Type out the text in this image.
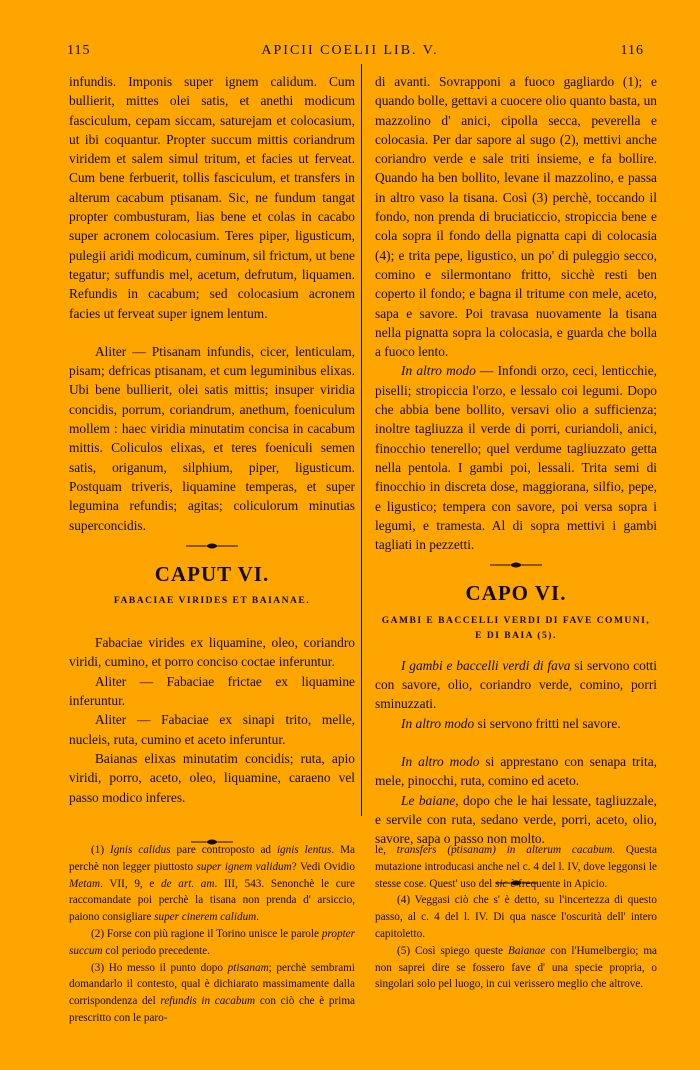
115	APICII COELII LIB. V.	116

infundis. Imponis super ignem calidum. Cum bullierit, mittes olei satis, et anethi modicum fasciculum, cepam siccam, saturejam et colocasium, ut ibi coquantur. Propter succum mittis coriandrum viridem et salem simul tritum, et facies ut ferveat. Cum bene ferbuerit, tollis fasciculum, et transfers in alterum cacabum ptisanam. Sic, ne fundum tangat propter combusturam, lias bene et colas in cacabo super acronem colocasium. Teres piper, ligusticum, pulegii aridi modicum, cuminum, sil frictum, ut bene tegatur; suffundis mel, acetum, defrutum, liquamen. Refundis in cacabum; sed colocasium acronem facies ut ferveat super ignem lentum.

Aliter — Ptisanam infundis, cicer, lenticulam, pisam; defricas ptisanam, et cum leguminibus elixas. Ubi bene bullierit, olei satis mittis; insuper viridia concidis, porrum, coriandrum, anethum, foeniculum mollem : haec viridia minutatim concisa in cacabum mittis. Coliculos elixas, et teres foeniculi semen satis, origanum, silphium, piper, ligusticum. Postquam triveris, liquamine temperas, et super legumina refundis; agitas; coliculorum minutias superconcidis.

CAPUT VI.
FABACIAE VIRIDES ET BAIANAE.

Fabaciae virides ex liquamine, oleo, coriandro viridi, cumino, et porro conciso coctae inferuntur.

Aliter — Fabaciae frictae ex liquamine inferuntur.

Aliter — Fabaciae ex sinapi trito, melle, nucleis, ruta, cumino et aceto inferuntur.

Baianas elixas minutatim concidis; ruta, apio viridi, porro, aceto, oleo, liquamine, caraeno vel passo modico inferes.

di avanti. Sovrapponi a fuoco gagliardo (1); e quando bolle, gettavi a cuocere olio quanto basta, un mazzolino d' anici, cipolla secca, peverella e colocasia. Per dar sapore al sugo (2), mettivi anche coriandro verde e sale triti insieme, e fa bollire. Quando ha ben bollito, levane il mazzolino, e passa in altro vaso la tisana. Così (3) perchè, toccando il fondo, non prenda di bruciaticcio, stropiccia bene e cola sopra il fondo della pignatta capi di colocasia (4); e trita pepe, ligustico, un po' di puleggio secco, comino e silermontano fritto, sicchè resti ben coperto il fondo; e bagna il tritume con mele, aceto, sapa e savore. Poi travasa nuovamente la tisana nella pignatta sopra la colocasia, e guarda che bolla a fuoco lento.

In altro modo — Infondi orzo, ceci, lenticchie, piselli; stropiccia l'orzo, e lessalo coi legumi. Dopo che abbia bene bollito, versavi olio a sufficienza; inoltre tagliuzza il verde di porri, curiandoli, anici, finocchio tenerello; quel verdume tagliuzzato getta nella pentola. I gambi poi, lessali. Trita semi di finocchio in discreta dose, maggiorana, silfio, pepe, e ligustico; tempera con savore, poi versa sopra i legumi, e tramesta. Al di sopra mettivi i gambi tagliati in pezzetti.

CAPO VI.
GAMBI E BACCELLI VERDI DI FAVE COMUNI,
E DI BAIA (5).

I gambi e baccelli verdi di fava si servono cotti con savore, olio, coriandro verde, comino, porri sminuzzati.

In altro modo si servono fritti nel savore.

In altro modo si apprestano con senapa trita, mele, pinocchi, ruta, comino ed aceto.

Le baiane, dopo che le hai lessate, tagliuzzale, e servile con ruta, sedano verde, porri, aceto, olio, savore, sapa o passo non molto.

(1) Ignis calidus pare controposto ad ignis lentus. Ma perchè non legger piuttosto super ignem validum? Vedi Ovidio Metam. VII, 9, e de art. am. III, 543. Senonchè le cure raccomandate poi perchè la tisana non prenda d' arsiccio, paiono consigliare super cinerem calidum.

(2) Forse con più ragione il Torino unisce le parole propter succum col periodo precedente.

(3) Ho messo il punto dopo ptisanam; perchè sembrami domandarlo il contesto, qual è dichiarato massimamente dalla corrispondenza del refundis in cacabum con ciò che è prima prescritto con le paro-

le, transfers (ptisanam) in alterum cacabum. Questa mutazione introducasi anche nel c. 4 del l. IV, dove leggonsi le stesse cose. Quest' uso del sic è frequente in Apicio.

(4) Veggasi ciò che s' è detto, su l'incertezza di questo passo, al c. 4 del l. IV. Di qua nasce l'oscurità dell' intero capitoletto.

(5) Così spiego queste Baianae con l'Humelbergio; ma non saprei dire se fossero fave d' una specie propria, o singolari solo pel luogo, in cui verissero meglio che altrove.
